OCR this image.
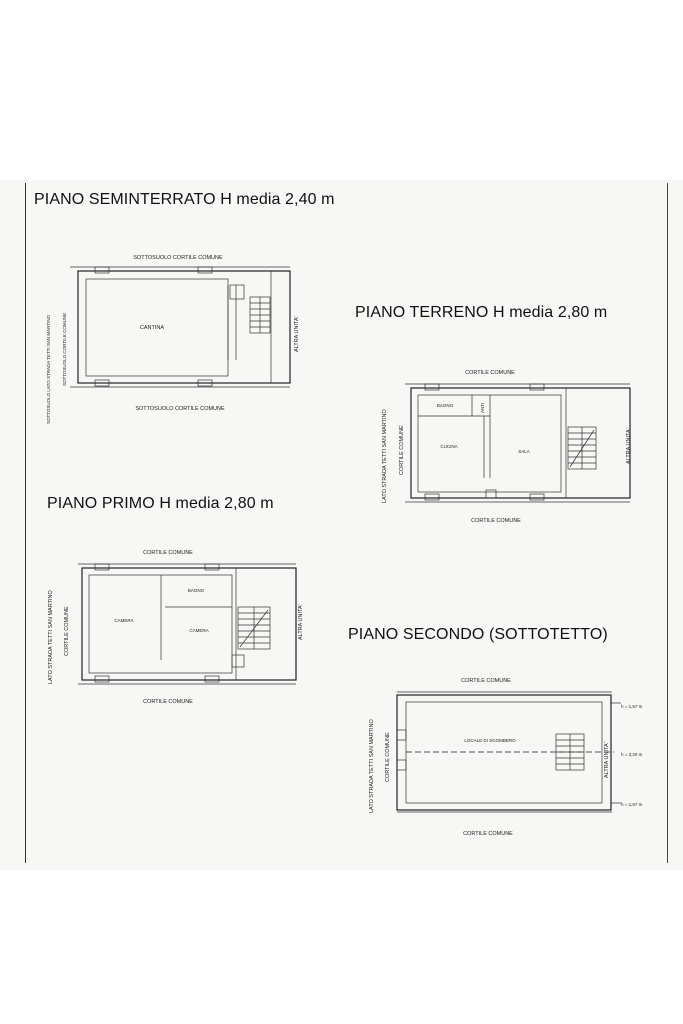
PIANO SEMINTERRATO H media 2,40 m
PIANO TERRENO H media 2,80 m
PIANO PRIMO H media 2,80 m
PIANO SECONDO (SOTTOTETTO)
SOTTOSUOLO CORTILE COMUNE
SOTTOSUOLO CORTILE COMUNE
SOTTOSUOLO LATO STRADA TETTI SAN MARTINO SOTTOSUOLO CORTILE COMUNE	ALTRA UNITA'
CANTINA
CORTILE COMUNE
CORTILE COMUNE
LATO STRADA TETTI SAN MARTINO CORTILE COMUNE	ALTRA UNITA'
BAGNO	ANTI
CUCINA
SALA
CORTILE COMUNE
CORTILE COMUNE
LATO STRADA TETTI SAN MARTINO CORTILE COMUNE	ALTRA UNITA'
BAGNO
CAMERA
CAMERA
CORTILE COMUNE
CORTILE COMUNE
LATO STRADA TETTI SAN MARTINO CORTILE COMUNE	ALTRA UNITA'
LOCALE DI SGOMBERO
h = 1,57 m
h = 3,20 m
h = 1,57 m
